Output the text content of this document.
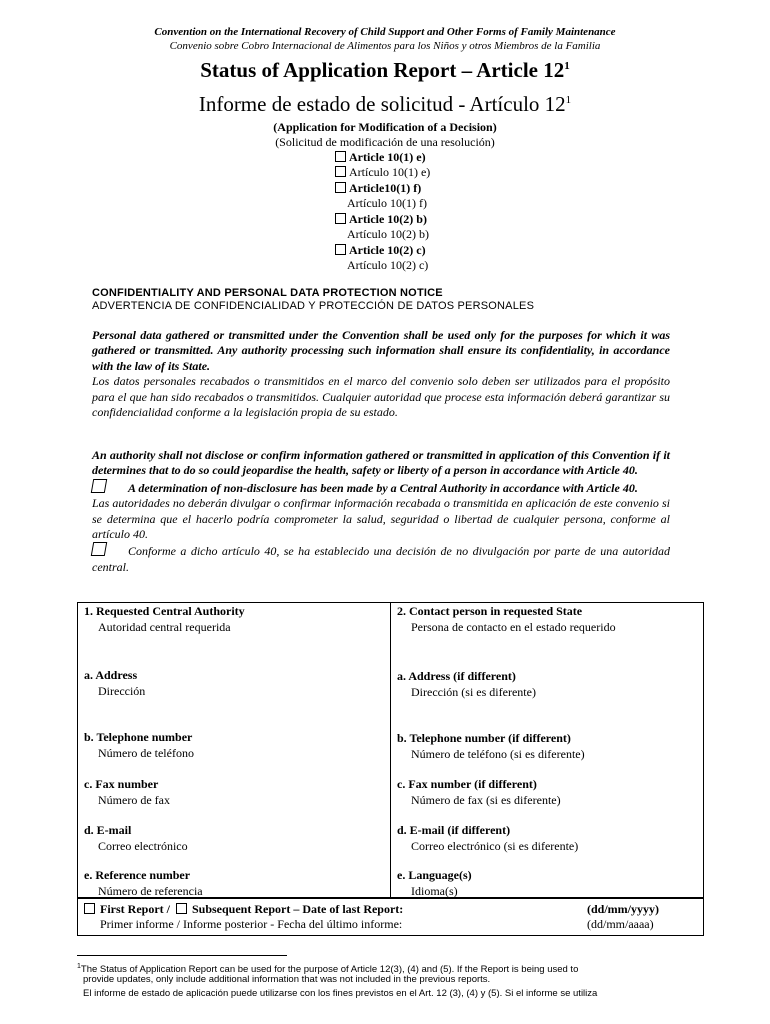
Convention on the International Recovery of Child Support and Other Forms of Family Maintenance
Convenio sobre Cobro Internacional de Alimentos para los Niños y otros Miembros de la Familia
Status of Application Report – Article $12^1$
Informe de estado de solicitud - Artículo $12^1$
(Application for Modification of a Decision)
(Solicitud de modificación de una resolución)
Article 10(1) e)
Artículo 10(1) e)
Article10(1) f)
Artículo 10(1) f)
Article 10(2) b)
Artículo 10(2) b)
Article 10(2) c)
Artículo 10(2) c)
CONFIDENTIALITY AND PERSONAL DATA PROTECTION NOTICE
ADVERTENCIA DE CONFIDENCIALIDAD Y PROTECCIÓN DE DATOS PERSONALES
Personal data gathered or transmitted under the Convention shall be used only for the purposes for which it was gathered or transmitted. Any authority processing such information shall ensure its confidentiality, in accordance with the law of its State.
Los datos personales recabados o transmitidos en el marco del convenio solo deben ser utilizados para el propósito para el que han sido recabados o transmitidos. Cualquier autoridad que procese esta información deberá garantizar su confidencialidad conforme a la legislación propia de su estado.
An authority shall not disclose or confirm information gathered or transmitted in application of this Convention if it determines that to do so could jeopardise the health, safety or liberty of a person in accordance with Article 40.
A determination of non-disclosure has been made by a Central Authority in accordance with Article 40.
Las autoridades no deberán divulgar o confirmar información recabada o transmitida en aplicación de este convenio si se determina que el hacerlo podría comprometer la salud, seguridad o libertad de cualquier persona, conforme al artículo 40.
Conforme a dicho artículo 40, se ha establecido una decisión de no divulgación por parte de una autoridad central.
1. Requested Central Authority
Autoridad central requerida
a. Address
Dirección
b. Telephone number
Número de teléfono
c. Fax number
Número de fax
d. E-mail
Correo electrónico
e. Reference number
Número de referencia
2. Contact person in requested State
Persona de contacto en el estado requerido
a. Address (if different)
Dirección (si es diferente)
b. Telephone number (if different)
Número de teléfono (si es diferente)
c. Fax number (if different)
Número de fax (si es diferente)
d. E-mail (if different)
Correo electrónico (si es diferente)
e. Language(s)
Idioma(s)
First Report / Subsequent Report – Date of last Report:	(dd/mm/yyyy)
Primer informe / Informe posterior - Fecha del último informe:	(dd/mm/aaaa)
$^1$The Status of Application Report can be used for the purpose of Article 12(3), (4) and (5). If the Report is being used to
provide updates, only include additional information that was not included in the previous reports.
El informe de estado de aplicación puede utilizarse con los fines previstos en el Art. 12 (3), (4) y (5). Si el informe se utiliza
